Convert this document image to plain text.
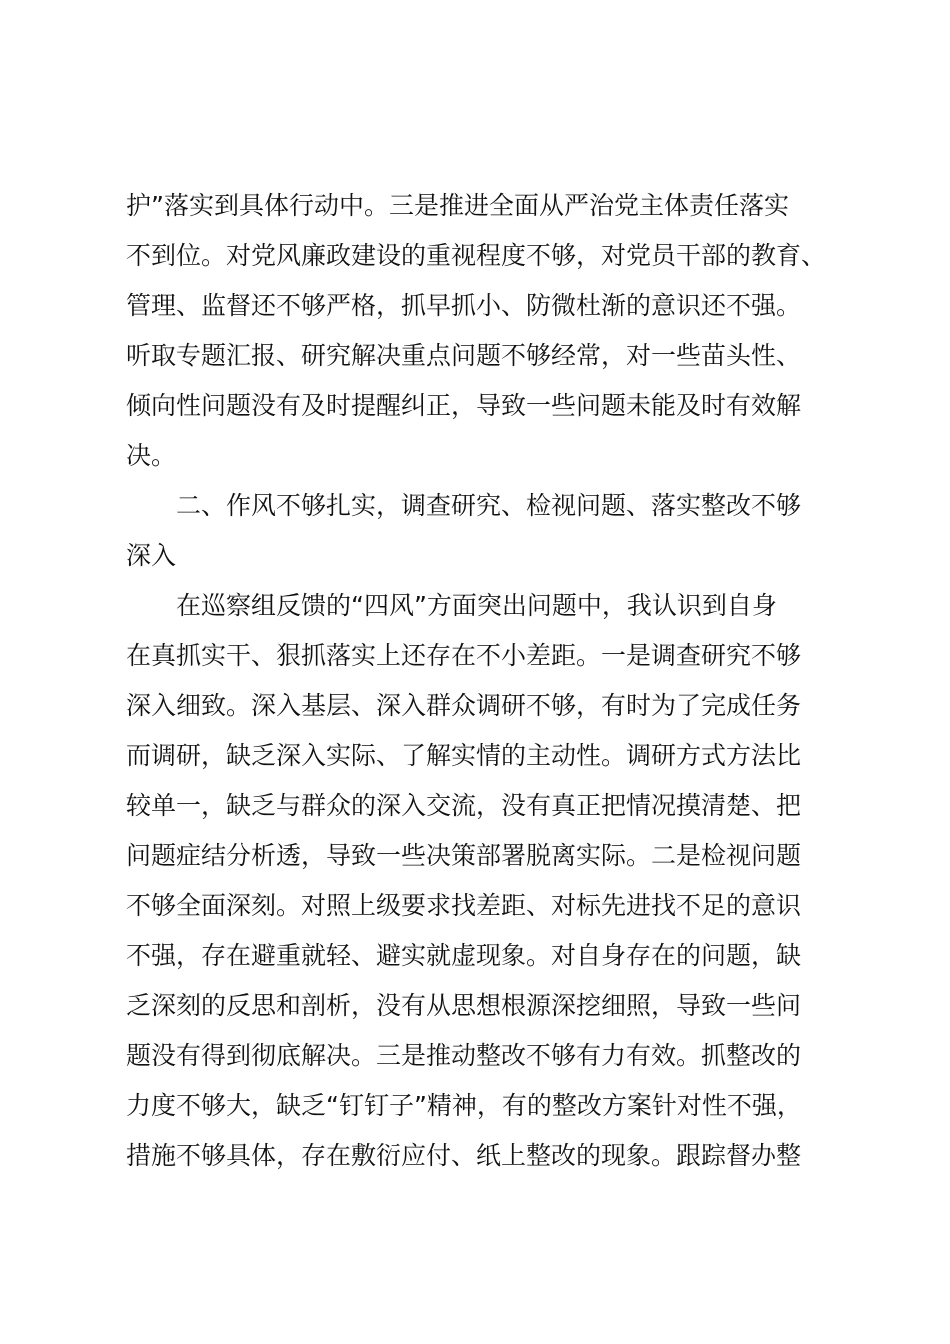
护”落实到具体行动中。三是推进全面从严治党主体责任落实
不到位。对党风廉政建设的重视程度不够，对党员干部的教育、
管理、监督还不够严格，抓早抓小、防微杜渐的意识还不强。
听取专题汇报、研究解决重点问题不够经常，对一些苗头性、
倾向性问题没有及时提醒纠正，导致一些问题未能及时有效解
决。
二、作风不够扎实，调查研究、检视问题、落实整改不够
深入
在巡察组反馈的“四风”方面突出问题中，我认识到自身
在真抓实干、狠抓落实上还存在不小差距。一是调查研究不够
深入细致。深入基层、深入群众调研不够，有时为了完成任务
而调研，缺乏深入实际、了解实情的主动性。调研方式方法比
较单一，缺乏与群众的深入交流，没有真正把情况摸清楚、把
问题症结分析透，导致一些决策部署脱离实际。二是检视问题
不够全面深刻。对照上级要求找差距、对标先进找不足的意识
不强，存在避重就轻、避实就虚现象。对自身存在的问题，缺
乏深刻的反思和剖析，没有从思想根源深挖细照，导致一些问
题没有得到彻底解决。三是推动整改不够有力有效。抓整改的
力度不够大，缺乏“钉钉子”精神，有的整改方案针对性不强，
措施不够具体，存在敷衍应付、纸上整改的现象。跟踪督办整
